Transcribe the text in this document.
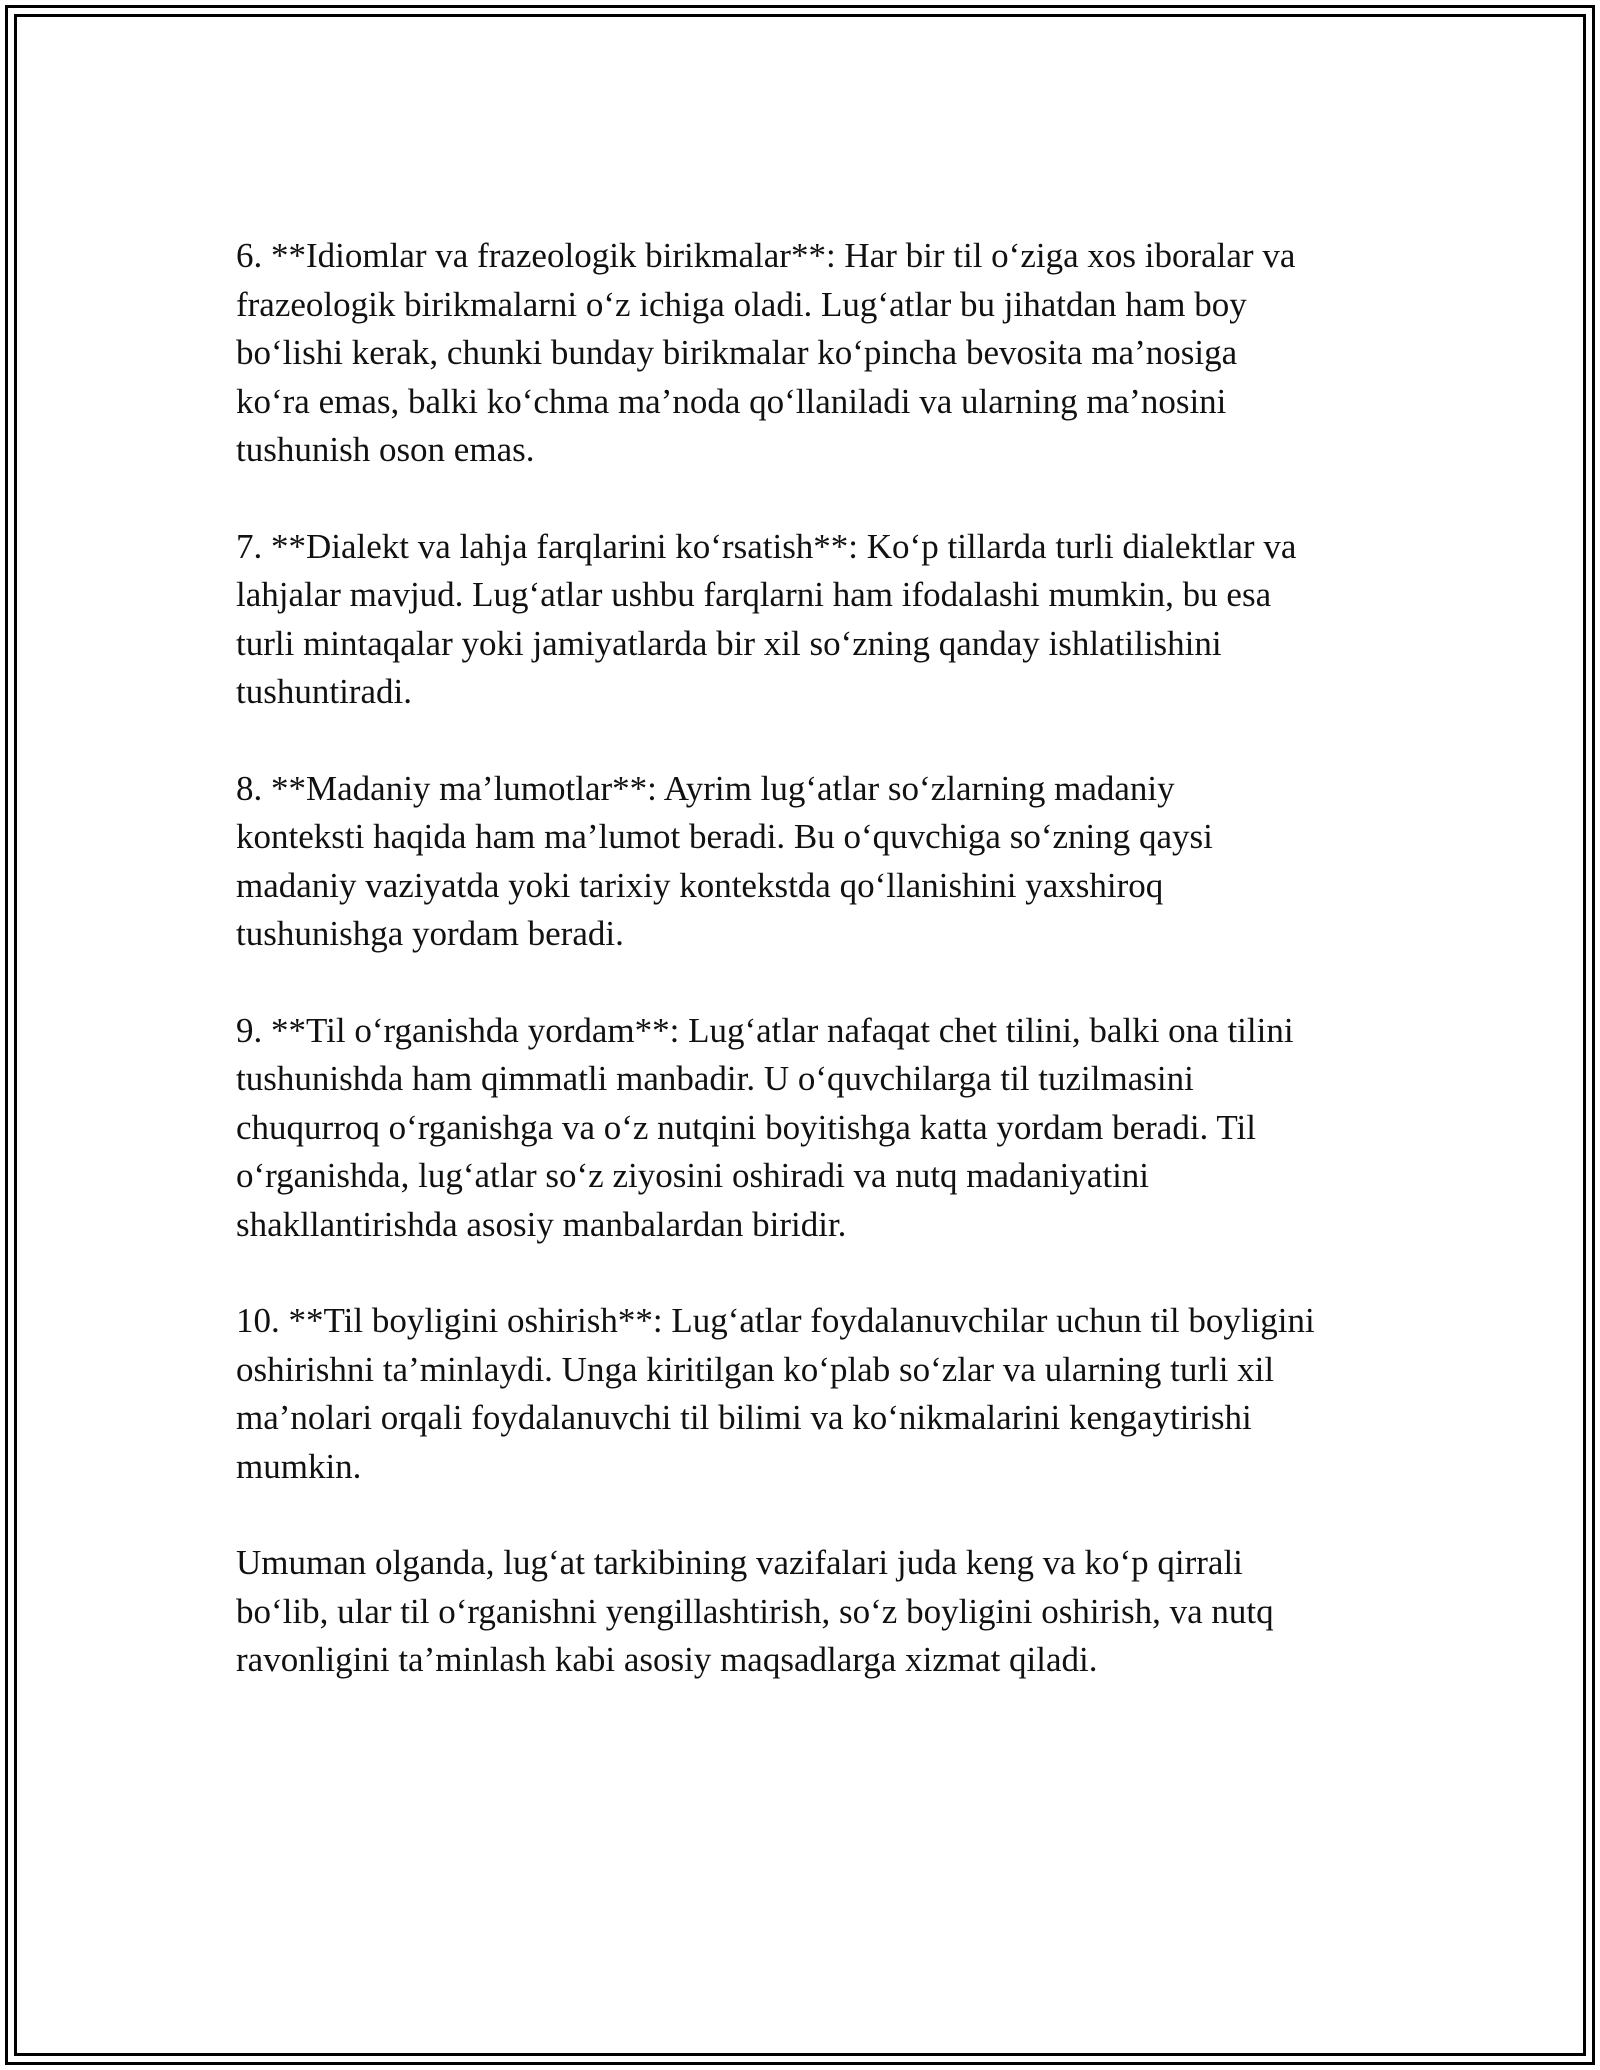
6. **Idiomlar va frazeologik birikmalar**: Har bir til o‘ziga xos iboralar va
frazeologik birikmalarni o‘z ichiga oladi. Lug‘atlar bu jihatdan ham boy
bo‘lishi kerak, chunki bunday birikmalar ko‘pincha bevosita ma’nosiga
ko‘ra emas, balki ko‘chma ma’noda qo‘llaniladi va ularning ma’nosini
tushunish oson emas.

7. **Dialekt va lahja farqlarini ko‘rsatish**: Ko‘p tillarda turli dialektlar va
lahjalar mavjud. Lug‘atlar ushbu farqlarni ham ifodalashi mumkin, bu esa
turli mintaqalar yoki jamiyatlarda bir xil so‘zning qanday ishlatilishini
tushuntiradi.

8. **Madaniy ma’lumotlar**: Ayrim lug‘atlar so‘zlarning madaniy
konteksti haqida ham ma’lumot beradi. Bu o‘quvchiga so‘zning qaysi
madaniy vaziyatda yoki tarixiy kontekstda qo‘llanishini yaxshiroq
tushunishga yordam beradi.

9. **Til o‘rganishda yordam**: Lug‘atlar nafaqat chet tilini, balki ona tilini
tushunishda ham qimmatli manbadir. U o‘quvchilarga til tuzilmasini
chuqurroq o‘rganishga va o‘z nutqini boyitishga katta yordam beradi. Til
o‘rganishda, lug‘atlar so‘z ziyosini oshiradi va nutq madaniyatini
shakllantirishda asosiy manbalardan biridir.

10. **Til boyligini oshirish**: Lug‘atlar foydalanuvchilar uchun til boyligini
oshirishni ta’minlaydi. Unga kiritilgan ko‘plab so‘zlar va ularning turli xil
ma’nolari orqali foydalanuvchi til bilimi va ko‘nikmalarini kengaytirishi
mumkin.

Umuman olganda, lug‘at tarkibining vazifalari juda keng va ko‘p qirrali
bo‘lib, ular til o‘rganishni yengillashtirish, so‘z boyligini oshirish, va nutq
ravonligini ta’minlash kabi asosiy maqsadlarga xizmat qiladi.
